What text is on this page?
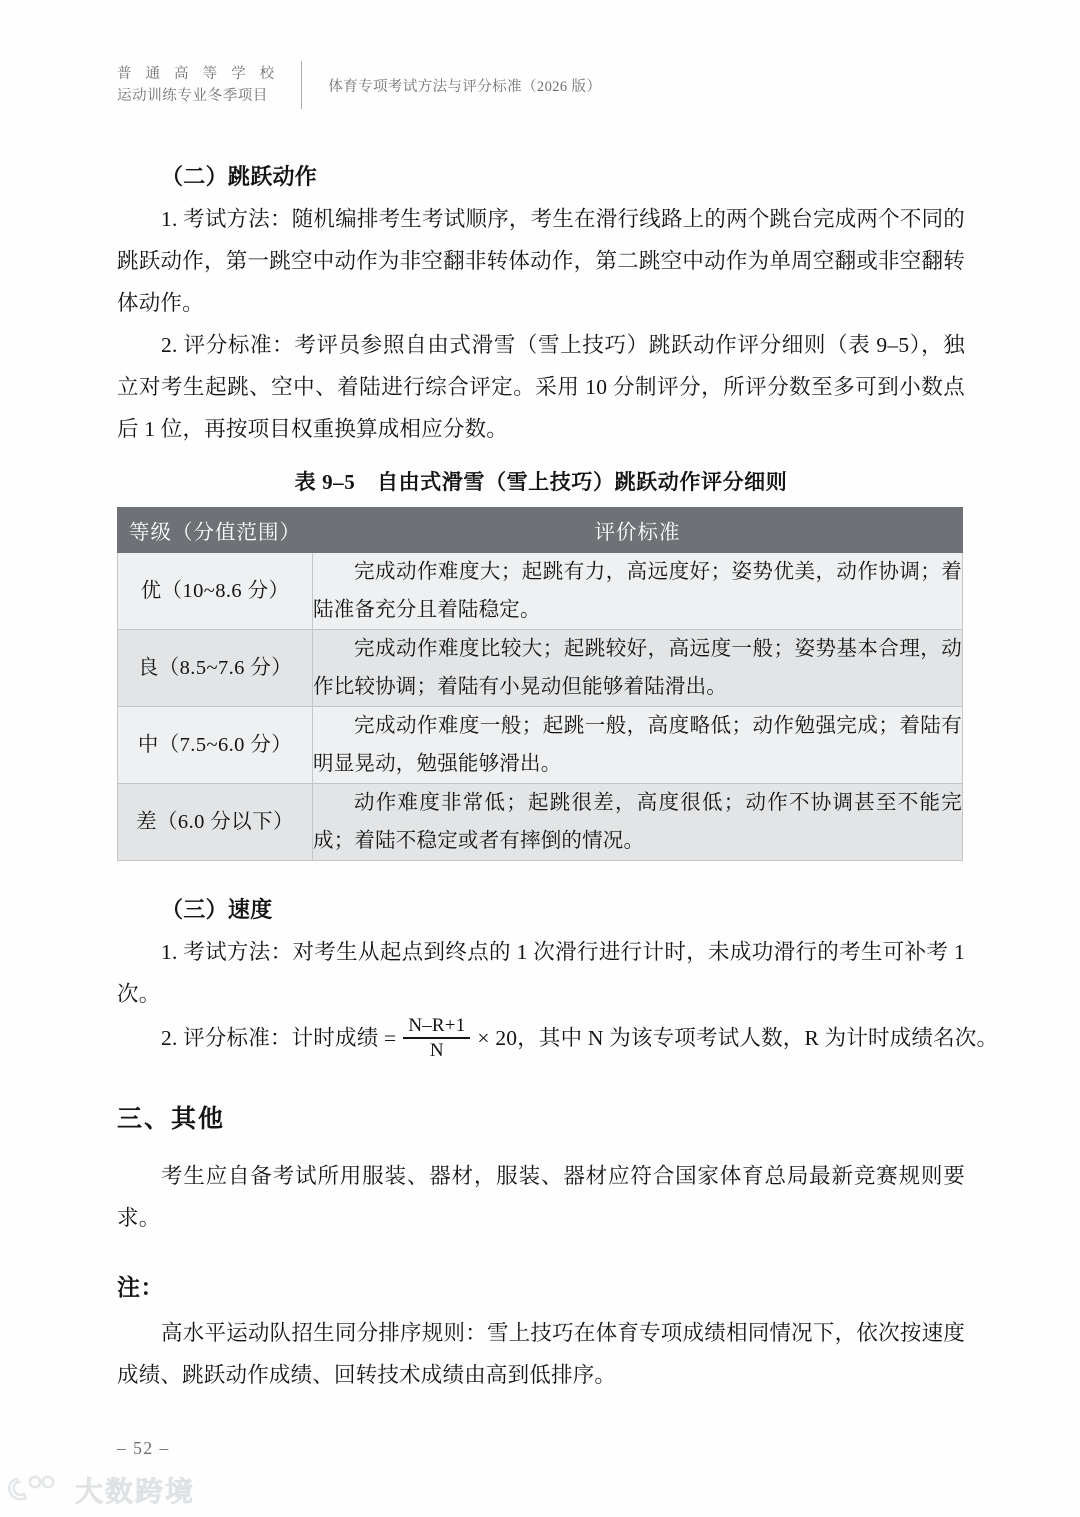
普 通 高 等 学 校
运动训练专业冬季项目
体育专项考试方法与评分标准（2026 版）
（二）跳跃动作

1. 考试方法：随机编排考生考试顺序，考生在滑行线路上的两个跳台完成两个不同的跳跃动作，第一跳空中动作为非空翻非转体动作，第二跳空中动作为单周空翻或非空翻转体动作。

2. 评分标准：考评员参照自由式滑雪（雪上技巧）跳跃动作评分细则（表 9–5），独立对考生起跳、空中、着陆进行综合评定。采用 10 分制评分，所评分数至多可到小数点后 1 位，再按项目权重换算成相应分数。

表 9–5　自由式滑雪（雪上技巧）跳跃动作评分细则
等级（分值范围）	评价标准
优（10~8.6 分）	完成动作难度大；起跳有力，高远度好；姿势优美，动作协调；着陆准备充分且着陆稳定。
良（8.5~7.6 分）	完成动作难度比较大；起跳较好，高远度一般；姿势基本合理，动作比较协调；着陆有小晃动但能够着陆滑出。
中（7.5~6.0 分）	完成动作难度一般；起跳一般，高度略低；动作勉强完成；着陆有明显晃动，勉强能够滑出。
差（6.0 分以下）	动作难度非常低；起跳很差，高度很低；动作不协调甚至不能完成；着陆不稳定或者有摔倒的情况。
（三）速度

1. 考试方法：对考生从起点到终点的 1 次滑行进行计时，未成功滑行的考生可补考 1 次。

2. 评分标准：计时成绩 = $\frac{N-R+1}{N} \times 20$，其中 N 为该专项考试人数，R 为计时成绩名次。
三、其他

考生应自备考试所用服装、器材，服装、器材应符合国家体育总局最新竞赛规则要求。

注：

高水平运动队招生同分排序规则：雪上技巧在体育专项成绩相同情况下，依次按速度成绩、跳跃动作成绩、回转技术成绩由高到低排序。

– 52 –
大数跨境
